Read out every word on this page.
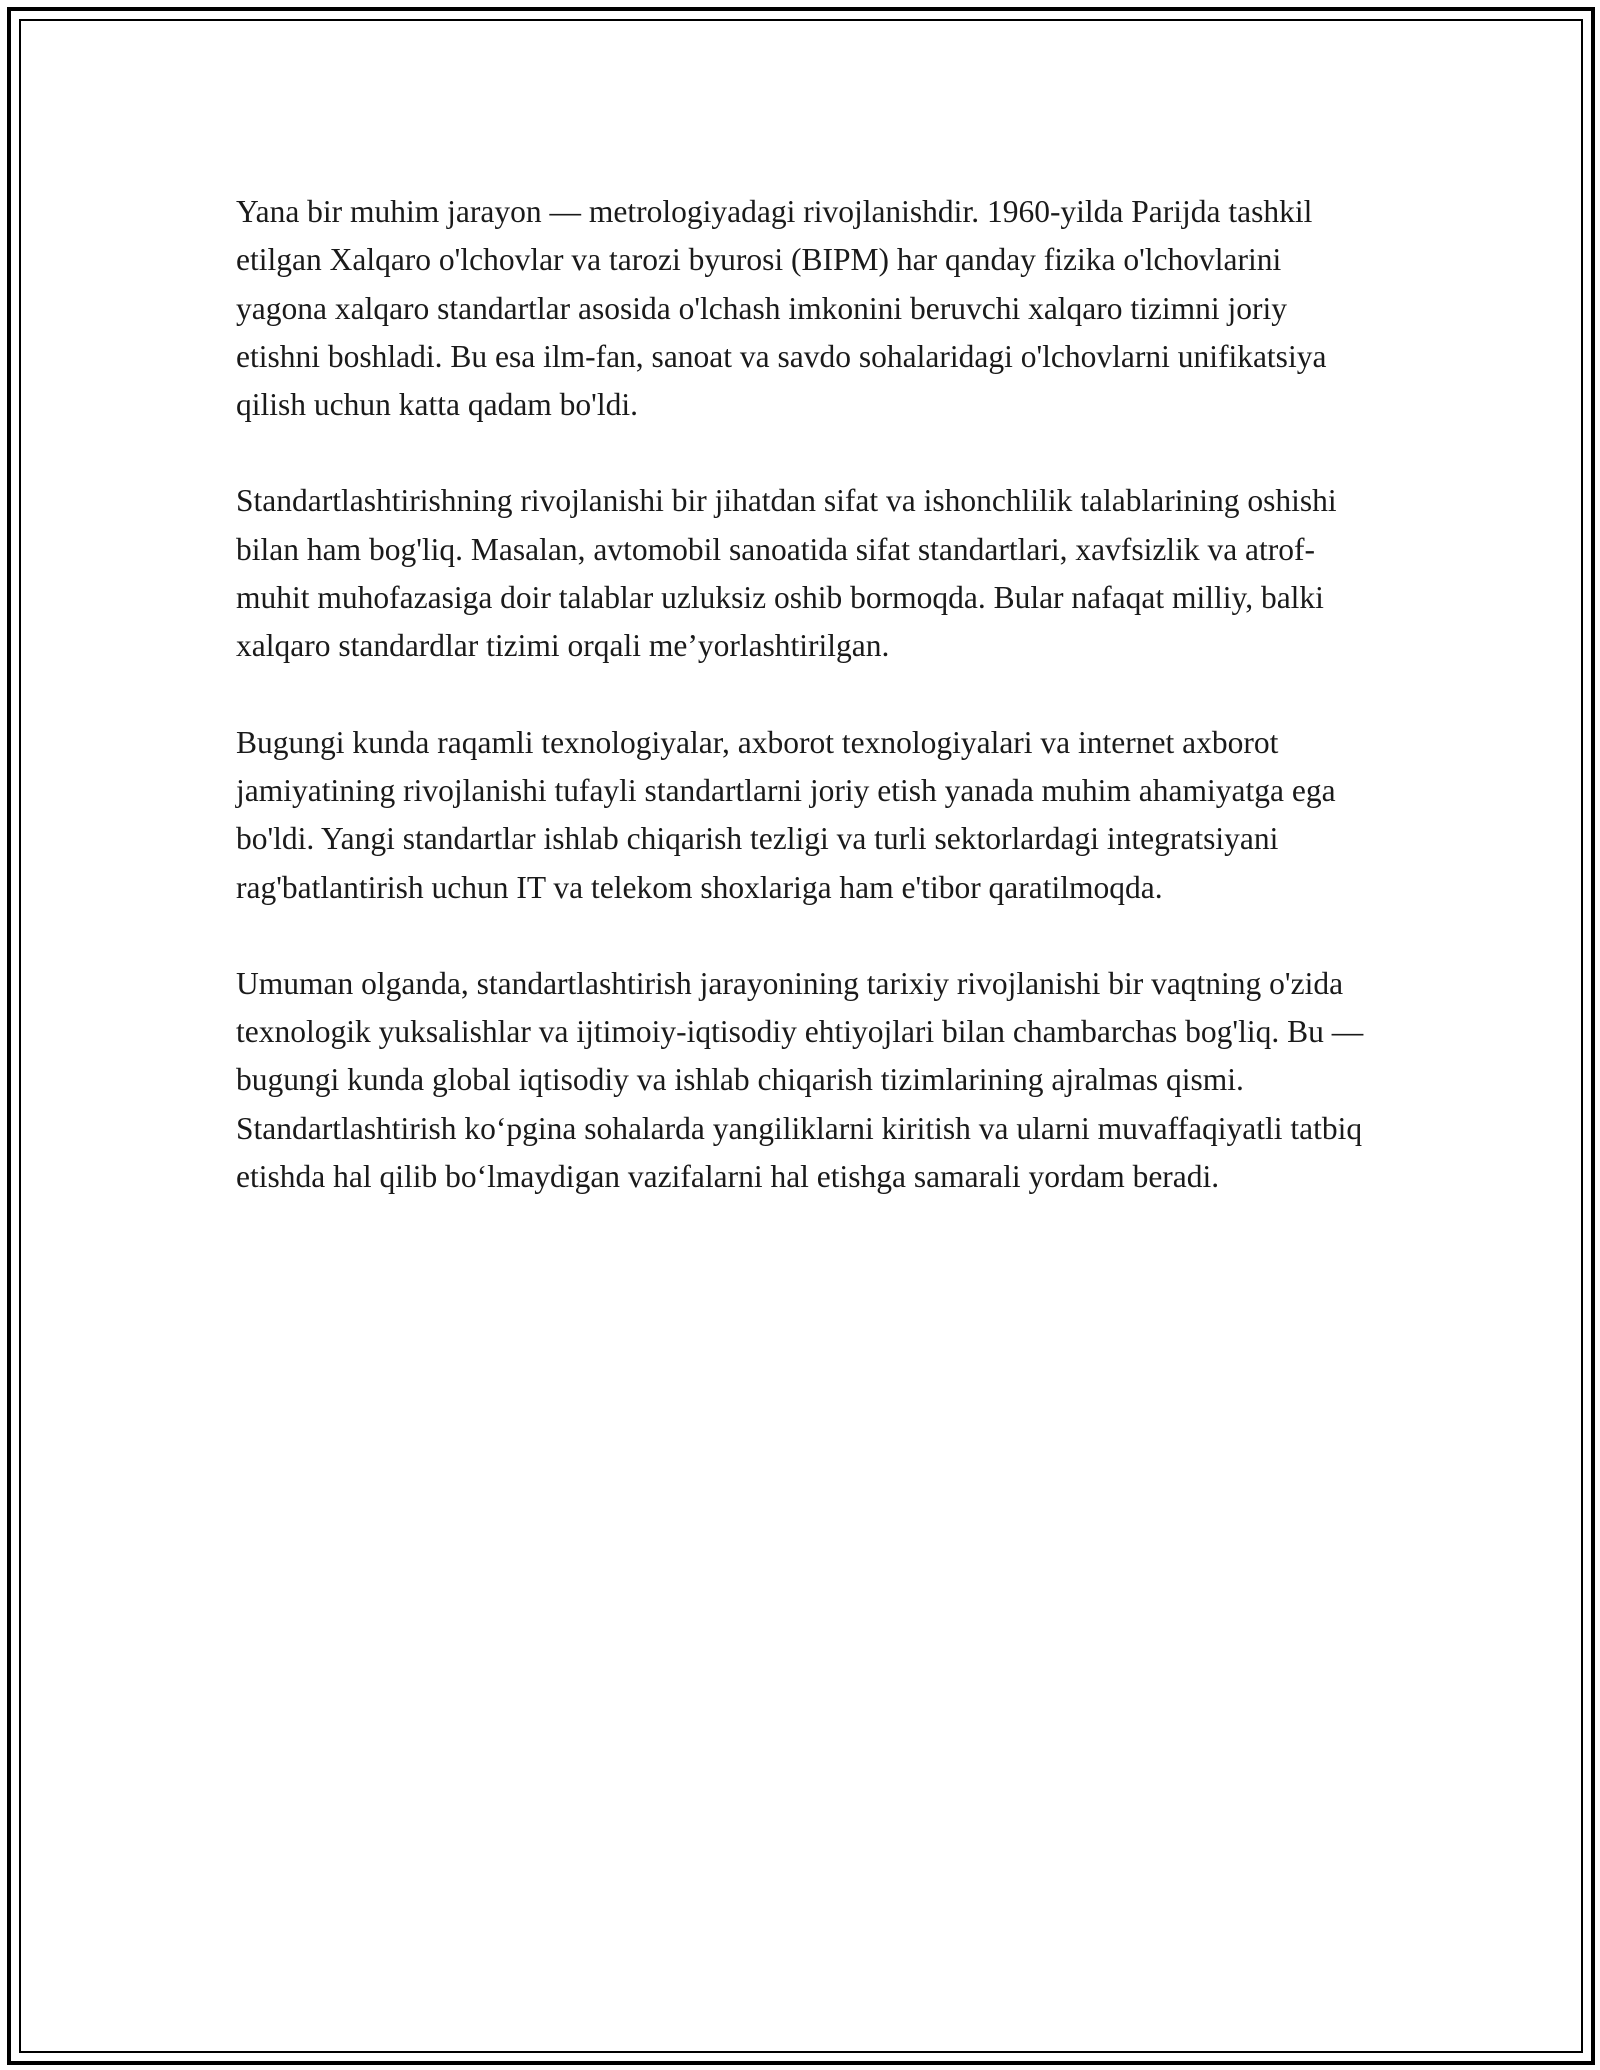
Yana bir muhim jarayon — metrologiyadagi rivojlanishdir. 1960-yilda Parijda tashkil etilgan Xalqaro o'lchovlar va tarozi byurosi (BIPM) har qanday fizika o'lchovlarini yagona xalqaro standartlar asosida o'lchash imkonini beruvchi xalqaro tizimni joriy etishni boshladi. Bu esa ilm-fan, sanoat va savdo sohalaridagi o'lchovlarni unifikatsiya qilish uchun katta qadam bo'ldi.

Standartlashtirishning rivojlanishi bir jihatdan sifat va ishonchlilik talablarining oshishi bilan ham bog'liq. Masalan, avtomobil sanoatida sifat standartlari, xavfsizlik va atrof-muhit muhofazasiga doir talablar uzluksiz oshib bormoqda. Bular nafaqat milliy, balki xalqaro standardlar tizimi orqali me’yorlashtirilgan.

Bugungi kunda raqamli texnologiyalar, axborot texnologiyalari va internet axborot jamiyatining rivojlanishi tufayli standartlarni joriy etish yanada muhim ahamiyatga ega bo'ldi. Yangi standartlar ishlab chiqarish tezligi va turli sektorlardagi integratsiyani rag'batlantirish uchun IT va telekom shoxlariga ham e'tibor qaratilmoqda.

Umuman olganda, standartlashtirish jarayonining tarixiy rivojlanishi bir vaqtning o'zida texnologik yuksalishlar va ijtimoiy-iqtisodiy ehtiyojlari bilan chambarchas bog'liq. Bu — bugungi kunda global iqtisodiy va ishlab chiqarish tizimlarining ajralmas qismi. Standartlashtirish ko‘pgina sohalarda yangiliklarni kiritish va ularni muvaffaqiyatli tatbiq etishda hal qilib bo‘lmaydigan vazifalarni hal etishga samarali yordam beradi.
